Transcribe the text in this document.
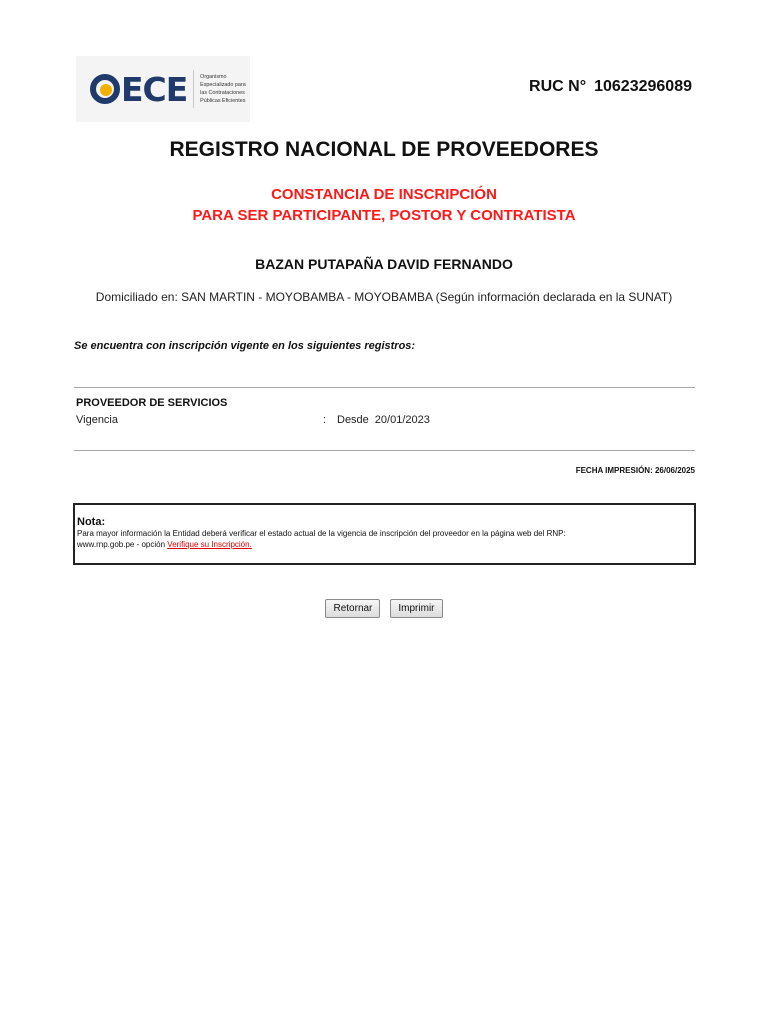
ECE Organismo
Especializado para
las Contrataciones
Públicas Eficientes
RUC N° 10623296089
REGISTRO NACIONAL DE PROVEEDORES
CONSTANCIA DE INSCRIPCIÓN
PARA SER PARTICIPANTE, POSTOR Y CONTRATISTA
BAZAN PUTAPAÑA DAVID FERNANDO
Domiciliado en: SAN MARTIN - MOYOBAMBA - MOYOBAMBA (Según información declarada en la SUNAT)
Se encuentra con inscripción vigente en los siguientes registros:
PROVEEDOR DE SERVICIOS
Vigencia	: Desde 20/01/2023
FECHA IMPRESIÓN: 26/06/2025
Nota:
Para mayor información la Entidad deberá verificar el estado actual de la vigencia de inscripción del proveedor en la página web del RNP:
www.rnp.gob.pe - opción Verifique su Inscripción.
Retornar	Imprimir
